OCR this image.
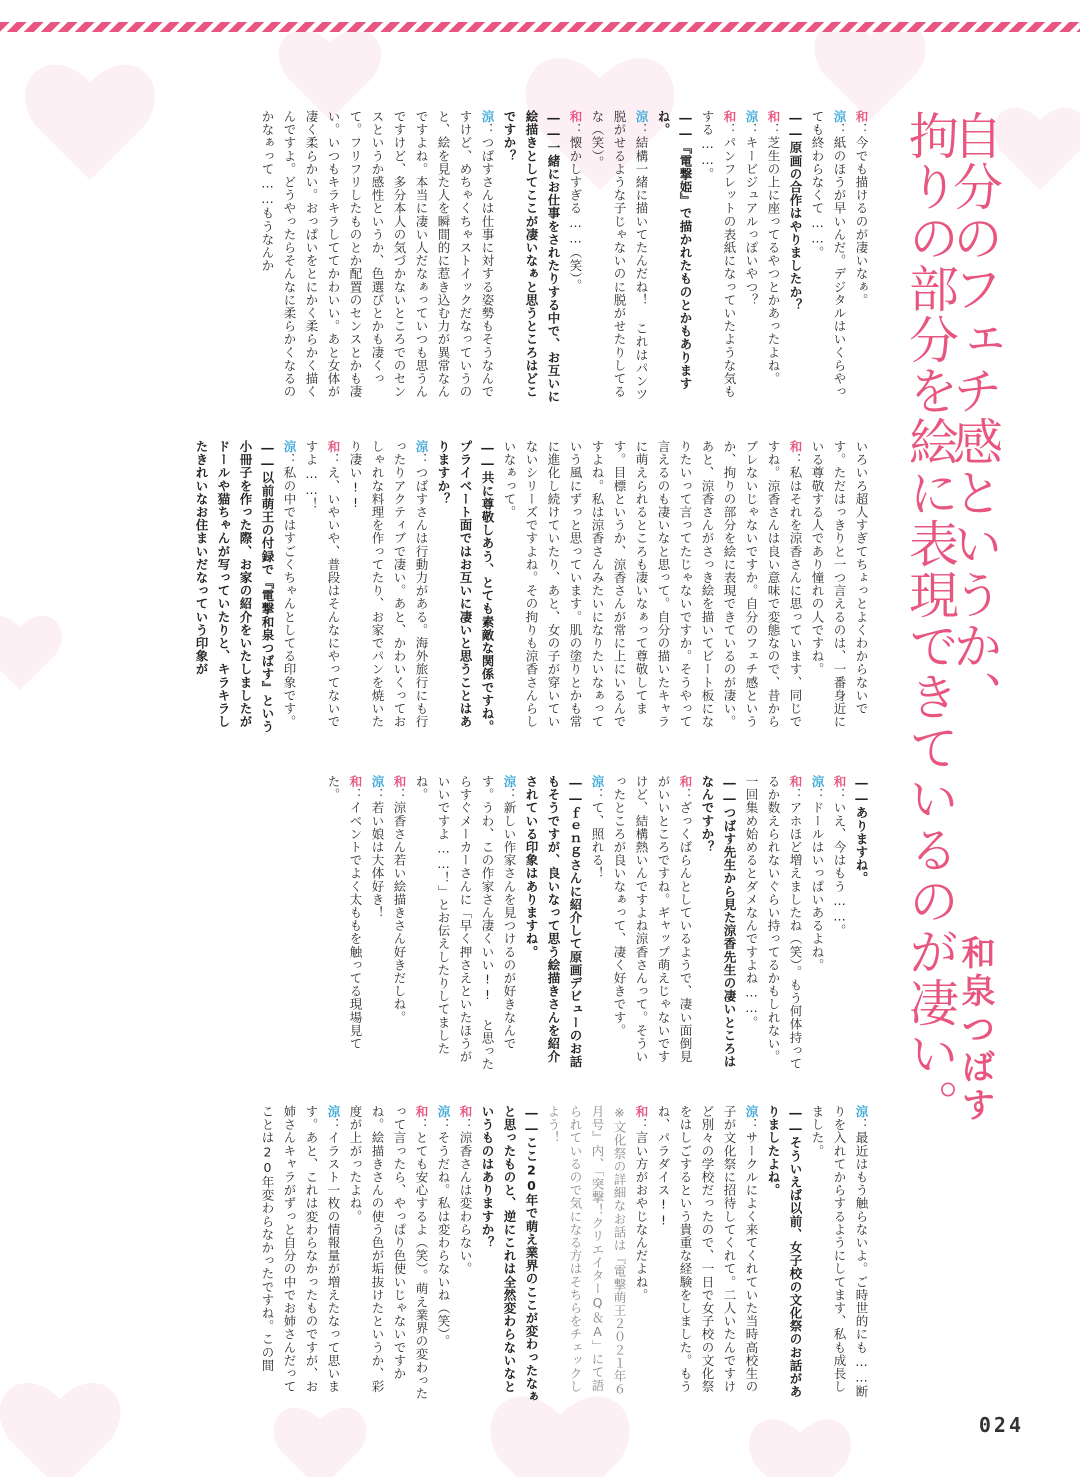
自分のフェチ感というか、
拘りの部分を絵に表現できているのが凄い。
和泉つばす
和：今でも描けるのが凄いなぁ。
涼：紙のほうが早いんだ。デジタルはいくらやっても終わらなくて……。
――原画の合作はやりましたか？
和：芝生の上に座ってるやつとかあったよね。
涼：キービジュアルっぽいやつ？
和：パンフレットの表紙になっていたような気もする……。
――『電撃姫』で描かれたものとかもありますね。
涼：結構一緒に描いてたんだね！ これはパンツ脱がせるような子じゃないのに脱がせたりしてるな（笑）。
和：懐かしすぎる……（笑）。
――一緒にお仕事をされたりする中で、お互いに絵描きとしてここが凄いなぁと思うところはどこですか？
涼：つばすさんは仕事に対する姿勢もそうなんですけど、めちゃくちゃストイックだなっていうのと、絵を見た人を瞬間的に惹き込む力が異常なんですよね。本当に凄い人だなぁっていつも思うんですけど、多分本人の気づかないところでのセンスというか感性というか、色選びとかも凄くって。フリフリしたものとか配置のセンスとかも凄い。いつもキラキラしててかわいい。あと女体が凄く柔らかい。おっぱいをとにかく柔らかく描くんですよ。どうやったらそんなに柔らかくなるのかなぁって……もうなんか
いろいろ超人すぎてちょっとよくわからないです。ただはっきりと一つ言えるのは、一番身近にいる尊敬する人であり憧れの人ですね。
和：私はそれを涼香さんに思っています、同じですね。涼香さんは良い意味で変態なので、昔からブレないじゃないですか。自分のフェチ感というか、拘りの部分を絵に表現できているのが凄い。あと、涼香さんがさっき絵を描いてビート板になりたいって言ってたじゃないですか。そうやって言えるのも凄いなと思って。自分の描いたキャラに萌えられるところも凄いなぁって尊敬してます。目標というか、涼香さんが常に上にいるんですよね。私は涼香さんみたいになりたいなぁっていう風にずっと思っています。肌の塗りとかも常に進化し続けていたり、あと、女の子が穿いていないシリーズですよね。その拘りも涼香さんらしいなぁって。
――共に尊敬しあう、とても素敵な関係ですね。プライベート面ではお互いに凄いと思うことはありますか？
涼：つばすさんは行動力がある。海外旅行にも行ったりアクティブで凄い。あと、かわいくっておしゃれな料理を作ってたり、お家でパンを焼いたり凄い!!
和：え、いやいや、普段はそんなにやってないですよ……！
涼：私の中ではすごくちゃんとしてる印象です。
――以前萌王の付録で『電撃和泉つばす』という小冊子を作った際、お家の紹介をいたしましたがドールや猫ちゃんが写っていたりと、キラキラしたきれいなお住まいだなっていう印象が
――ありますね。
和：いえ、今はもう……。
涼：ドールはいっぱいあるよね。
和：アホほど増えましたね（笑）。もう何体持ってるか数えられないぐらい持ってるかもしれない。一回集め始めるとダメなんですよね……。
――つばす先生から見た涼香先生の凄いところはなんですか？
和：ざっくばらんとしているようで、凄い面倒見がいいところですね。ギャップ萌えじゃないですけど、結構熱いんですよね涼香さんって。そういったところが良いなぁって、凄く好きです。
涼：て、照れる！
――ｆｅｎｇさんに紹介して原画デビューのお話もそうですが、良いなって思う絵描きさんを紹介されている印象はありますね。
涼：新しい作家さんを見つけるのが好きなんです。うわ、この作家さん凄くいい!! と思ったらすぐメーカーさんに「早く押さえといたほうがいいですよ……！」とお伝えしたりしてましたね。
和：涼香さん若い絵描きさん好きだしね。
涼：若い娘は大体好き！
和：イベントでよく太ももを触ってる現場見てた。
涼：最近はもう触らないよ。ご時世的にも……断りを入れてからするようにしてます、私も成長しました。
――そういえば以前、女子校の文化祭のお話がありましたよね。
涼：サークルによく来てくれていた当時高校生の子が文化祭に招待してくれて。二人いたんですけど別々の学校だったので、一日で女子校の文化祭をはしごするという貴重な経験をしました。もうね、パラダイス!!
和：言い方がおやじなんだよね。
※文化祭の詳細なお話は『電撃萌王２０２１年６月号』内、「突撃！クリエイターQ＆A」にて語られているので気になる方はそちらをチェックしよう！
――ここ20年で萌え業界のここが変わったなぁと思ったものと、逆にこれは全然変わらないなというものはありますか？
和：涼香さんは変わらない。
涼：そうだね。私は変わらないね（笑）。
和：とても安心するよ（笑）。萌え業界の変わったって言ったら、やっぱり色使いじゃないですかね。絵描きさんの使う色が垢抜けたというか、彩度が上がったよね。
涼：イラスト一枚の情報量が増えたなって思います。あと、これは変わらなかったものですが、お姉さんキャラがずっと自分の中でお姉さんだってことは20年変わらなかったですね。この間
024
